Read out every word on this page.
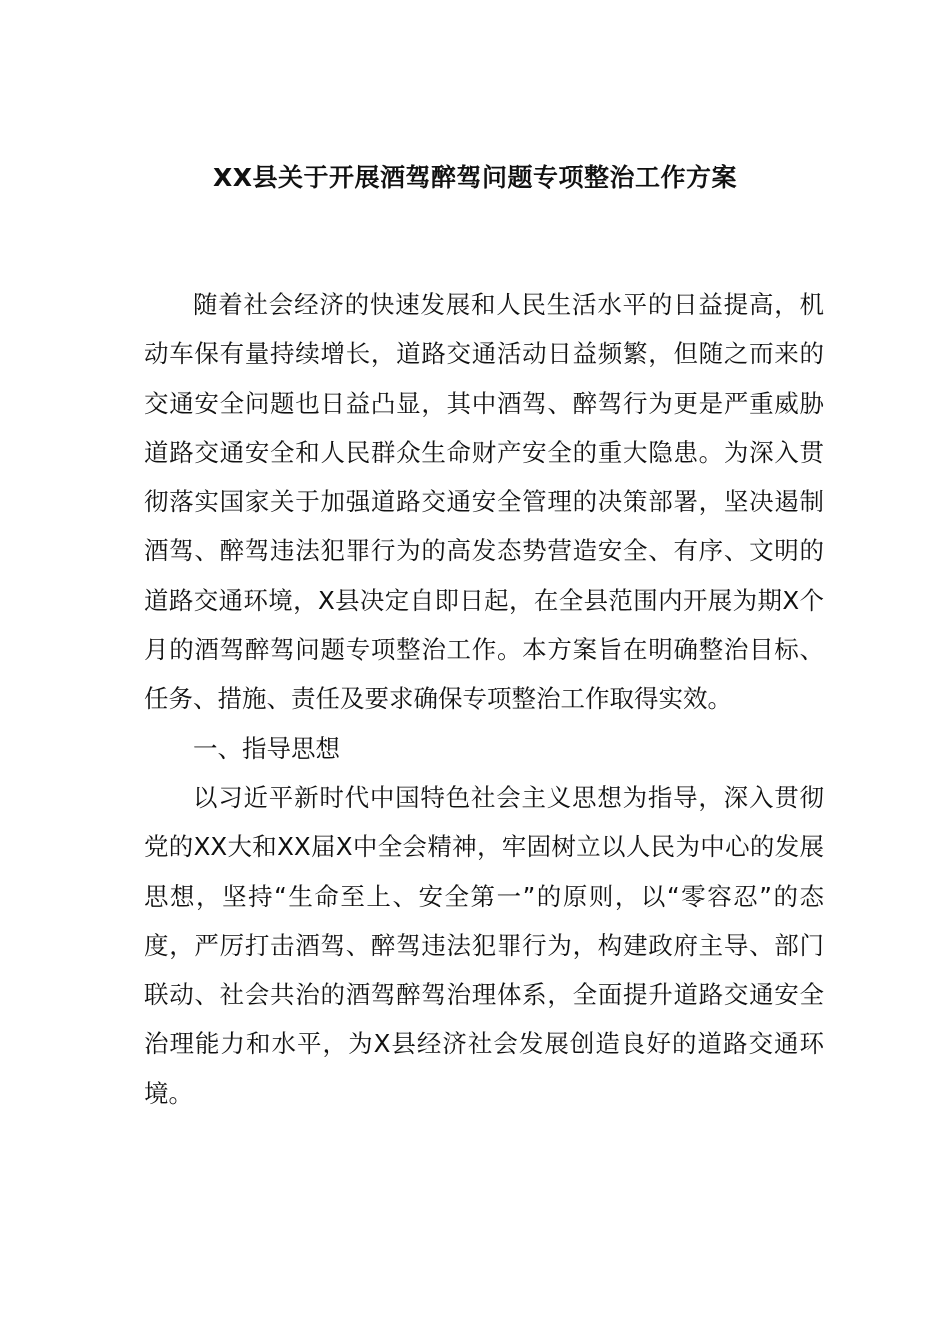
XX县关于开展酒驾醉驾问题专项整治工作方案

随着社会经济的快速发展和人民生活水平的日益提高，机动车保有量持续增长，道路交通活动日益频繁，但随之而来的交通安全问题也日益凸显，其中酒驾、醉驾行为更是严重威胁道路交通安全和人民群众生命财产安全的重大隐患。为深入贯彻落实国家关于加强道路交通安全管理的决策部署，坚决遏制酒驾、醉驾违法犯罪行为的高发态势营造安全、有序、文明的道路交通环境，X县决定自即日起，在全县范围内开展为期X个月的酒驾醉驾问题专项整治工作。本方案旨在明确整治目标、任务、措施、责任及要求确保专项整治工作取得实效。

一、指导思想

以习近平新时代中国特色社会主义思想为指导，深入贯彻党的XX大和XX届X中全会精神，牢固树立以人民为中心的发展思想，坚持“生命至上、安全第一”的原则，以“零容忍”的态度，严厉打击酒驾、醉驾违法犯罪行为，构建政府主导、部门联动、社会共治的酒驾醉驾治理体系，全面提升道路交通安全治理能力和水平，为X县经济社会发展创造良好的道路交通环境。
